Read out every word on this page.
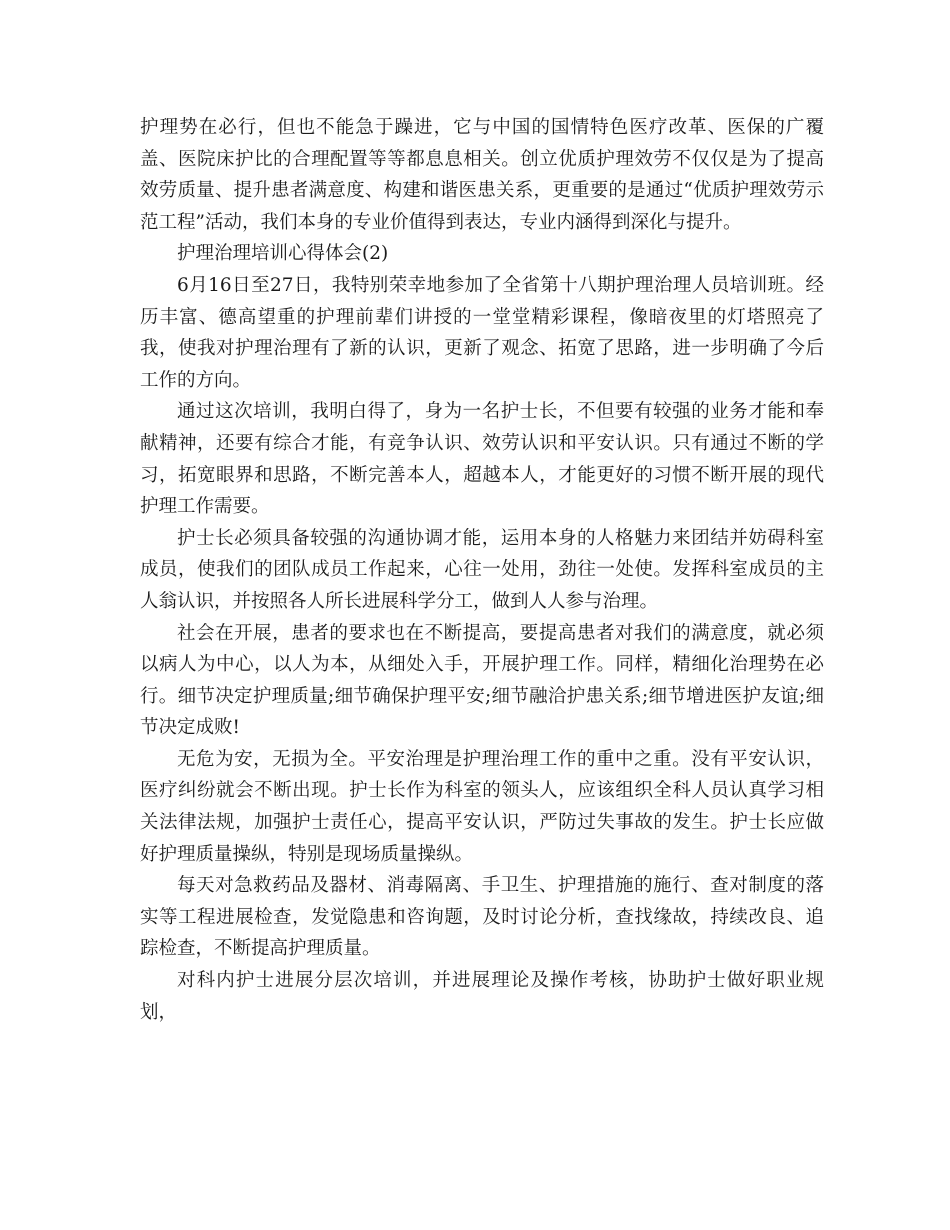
护理势在必行，但也不能急于躁进，它与中国的国情特色医疗改革、医保的广覆盖、医院床护比的合理配置等等都息息相关。创立优质护理效劳不仅仅是为了提高效劳质量、提升患者满意度、构建和谐医患关系，更重要的是通过“优质护理效劳示范工程”活动，我们本身的专业价值得到表达，专业内涵得到深化与提升。

护理治理培训心得体会(2)

6月16日至27日，我特别荣幸地参加了全省第十八期护理治理人员培训班。经历丰富、德高望重的护理前辈们讲授的一堂堂精彩课程，像暗夜里的灯塔照亮了我，使我对护理治理有了新的认识，更新了观念、拓宽了思路，进一步明确了今后工作的方向。

通过这次培训，我明白得了，身为一名护士长，不但要有较强的业务才能和奉献精神，还要有综合才能，有竞争认识、效劳认识和平安认识。只有通过不断的学习，拓宽眼界和思路，不断完善本人，超越本人，才能更好的习惯不断开展的现代护理工作需要。

护士长必须具备较强的沟通协调才能，运用本身的人格魅力来团结并妨碍科室成员，使我们的团队成员工作起来，心往一处用，劲往一处使。发挥科室成员的主人翁认识，并按照各人所长进展科学分工，做到人人参与治理。

社会在开展，患者的要求也在不断提高，要提高患者对我们的满意度，就必须以病人为中心，以人为本，从细处入手，开展护理工作。同样，精细化治理势在必行。细节决定护理质量;细节确保护理平安;细节融洽护患关系;细节增进医护友谊;细节决定成败!

无危为安，无损为全。平安治理是护理治理工作的重中之重。没有平安认识，医疗纠纷就会不断出现。护士长作为科室的领头人，应该组织全科人员认真学习相关法律法规，加强护士责任心，提高平安认识，严防过失事故的发生。护士长应做好护理质量操纵，特别是现场质量操纵。

每天对急救药品及器材、消毒隔离、手卫生、护理措施的施行、查对制度的落实等工程进展检查，发觉隐患和咨询题，及时讨论分析，查找缘故，持续改良、追踪检查，不断提高护理质量。

对科内护士进展分层次培训，并进展理论及操作考核，协助护士做好职业规划，
